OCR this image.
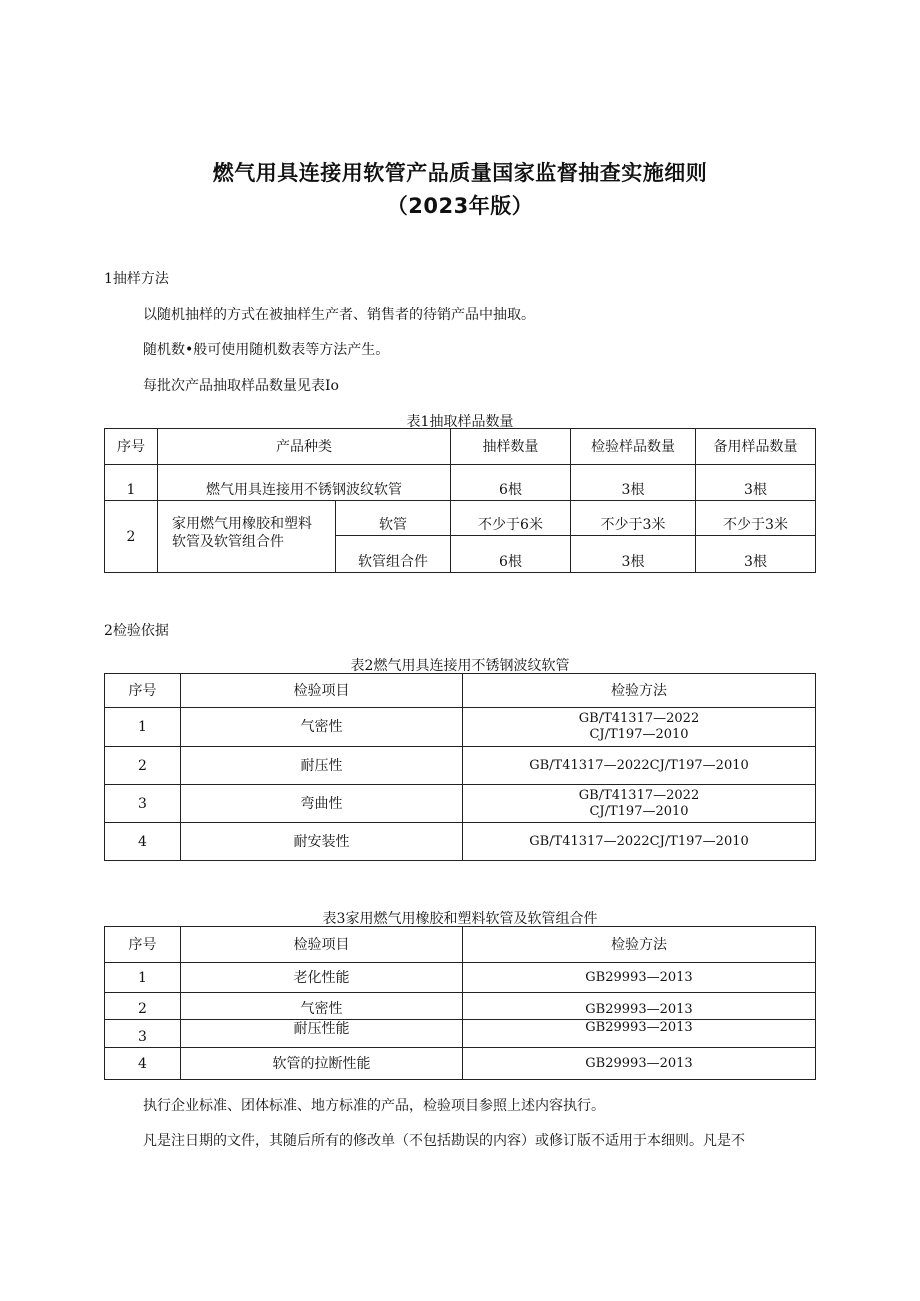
燃气用具连接用软管产品质量国家监督抽查实施细则
（2023年版）
1抽样方法
以随机抽样的方式在被抽样生产者、销售者的待销产品中抽取。
随机数•般可使用随机数表等方法产生。
每批次产品抽取样品数量见表Io
表1抽取样品数量
序号	产品种类		抽样数量	检验样品数量	备用样品数量
1	燃气用具连接用不锈钢波纹软管		6根	3根	3根
2	家用燃气用橡胶和塑料
软管及软管组合件	软管	不少于6米	不少于3米	不少于3米
		软管组合件	6根	3根	3根
2检验依据
表2燃气用具连接用不锈钢波纹软管
序号	检验项目	检验方法
1	气密性	GB/T41317—2022
CJ/T197—2010

2	耐压性	GB/T41317—2022CJ/T197—2010

3	弯曲性	GB/T41317—2022
CJ/T197—2010

4	耐安装性	GB/T41317—2022CJ/T197—2010
表3家用燃气用橡胶和塑料软管及软管组合件
序号	检验项目	检验方法
1	老化性能	GB29993—2013
2	气密性	GB29993—2013
3	耐压性能	GB29993—2013
4	软管的拉断性能	GB29993—2013
执行企业标准、团体标准、地方标准的产品，检验项目参照上述内容执行。
凡是注日期的文件，其随后所有的修改单（不包括勘误的内容）或修订版不适用于本细则。凡是不
